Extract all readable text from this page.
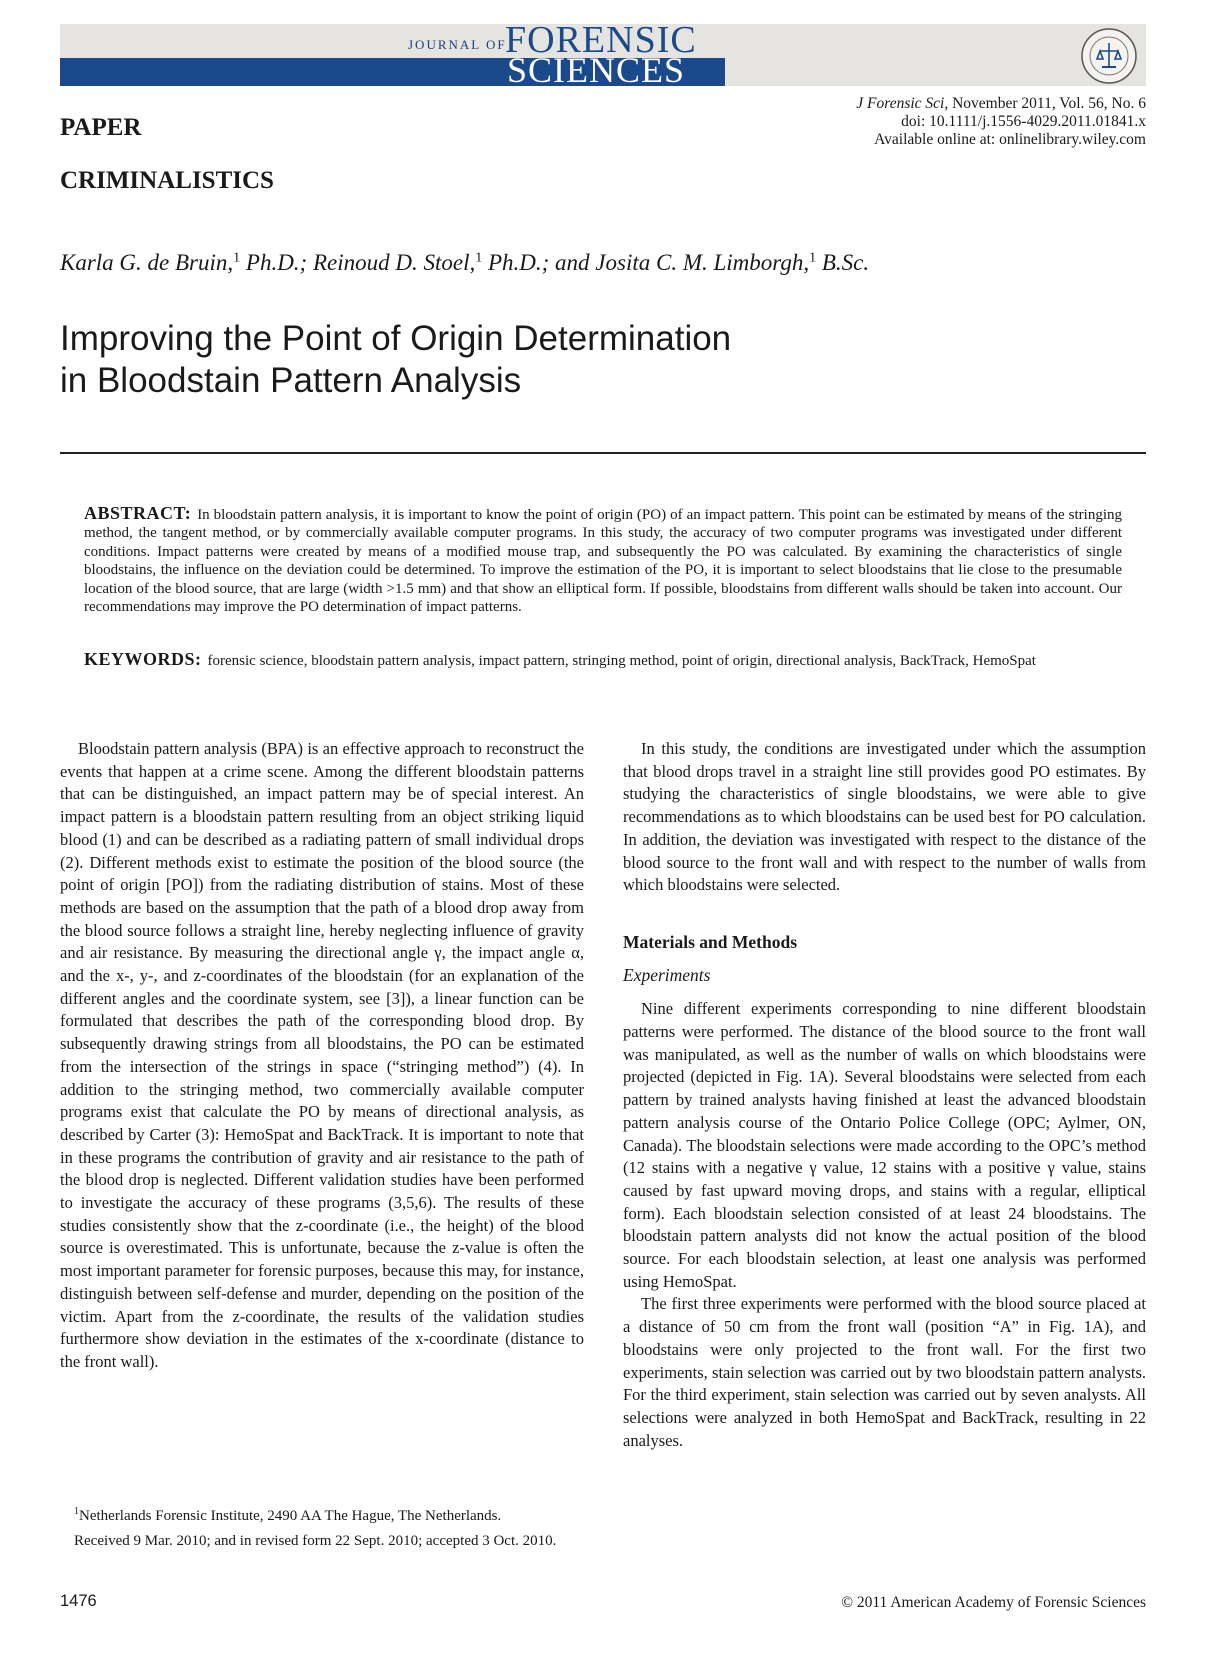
JOURNAL OF
FORENSIC
SCIENCES
PAPER
CRIMINALISTICS
J Forensic Sci, November 2011, Vol. 56, No. 6
doi: 10.1111/j.1556-4029.2011.01841.x
Available online at: onlinelibrary.wiley.com
Karla G. de Bruin,$^1$ Ph.D.; Reinoud D. Stoel,$^1$ Ph.D.; and Josita C. M. Limborgh,$^1$ B.Sc.
Improving the Point of Origin Determination
in Bloodstain Pattern Analysis
ABSTRACT: In bloodstain pattern analysis, it is important to know the point of origin (PO) of an impact pattern. This point can be estimated by means of the stringing method, the tangent method, or by commercially available computer programs. In this study, the accuracy of two computer programs was investigated under different conditions. Impact patterns were created by means of a modified mouse trap, and subsequently the PO was calculated. By examining the characteristics of single bloodstains, the influence on the deviation could be determined. To improve the estimation of the PO, it is important to select bloodstains that lie close to the presumable location of the blood source, that are large (width >1.5 mm) and that show an elliptical form. If possible, bloodstains from different walls should be taken into account. Our recommendations may improve the PO determination of impact patterns.
KEYWORDS: forensic science, bloodstain pattern analysis, impact pattern, stringing method, point of origin, directional analysis, BackTrack, HemoSpat

Bloodstain pattern analysis (BPA) is an effective approach to reconstruct the events that happen at a crime scene. Among the different bloodstain patterns that can be distinguished, an impact pattern may be of special interest. An impact pattern is a bloodstain pattern resulting from an object striking liquid blood (1) and can be described as a radiating pattern of small individual drops (2). Different methods exist to estimate the position of the blood source (the point of origin [PO]) from the radiating distribution of stains. Most of these methods are based on the assumption that the path of a blood drop away from the blood source follows a straight line, hereby neglecting influence of gravity and air resistance. By measuring the directional angle γ, the impact angle α, and the x-, y-, and z-coordinates of the bloodstain (for an explanation of the different angles and the coordinate system, see [3]), a linear function can be formulated that describes the path of the corresponding blood drop. By subsequently drawing strings from all bloodstains, the PO can be estimated from the intersection of the strings in space (“stringing method”) (4). In addition to the stringing method, two commercially available computer programs exist that calculate the PO by means of directional analysis, as described by Carter (3): HemoSpat and BackTrack. It is important to note that in these programs the contribution of gravity and air resistance to the path of the blood drop is neglected. Different validation studies have been performed to investigate the accuracy of these programs (3,5,6). The results of these studies consistently show that the z-coordinate (i.e., the height) of the blood source is overestimated. This is unfortunate, because the z-value is often the most important parameter for forensic purposes, because this may, for instance, distinguish between self-defense and murder, depending on the position of the victim. Apart from the z-coordinate, the results of the validation studies furthermore show deviation in the estimates of the x-coordinate (distance to the front wall).

In this study, the conditions are investigated under which the assumption that blood drops travel in a straight line still provides good PO estimates. By studying the characteristics of single bloodstains, we were able to give recommendations as to which bloodstains can be used best for PO calculation. In addition, the deviation was investigated with respect to the distance of the blood source to the front wall and with respect to the number of walls from which bloodstains were selected.

Materials and Methods
Experiments

Nine different experiments corresponding to nine different bloodstain patterns were performed. The distance of the blood source to the front wall was manipulated, as well as the number of walls on which bloodstains were projected (depicted in Fig. 1A). Several bloodstains were selected from each pattern by trained analysts having finished at least the advanced bloodstain pattern analysis course of the Ontario Police College (OPC; Aylmer, ON, Canada). The bloodstain selections were made according to the OPC’s method (12 stains with a negative γ value, 12 stains with a positive γ value, stains caused by fast upward moving drops, and stains with a regular, elliptical form). Each bloodstain selection consisted of at least 24 bloodstains. The bloodstain pattern analysts did not know the actual position of the blood source. For each bloodstain selection, at least one analysis was performed using HemoSpat.

The first three experiments were performed with the blood source placed at a distance of 50 cm from the front wall (position “A” in Fig. 1A), and bloodstains were only projected to the front wall. For the first two experiments, stain selection was carried out by two bloodstain pattern analysts. For the third experiment, stain selection was carried out by seven analysts. All selections were analyzed in both HemoSpat and BackTrack, resulting in 22 analyses.

$^1$Netherlands Forensic Institute, 2490 AA The Hague, The Netherlands.

Received 9 Mar. 2010; and in revised form 22 Sept. 2010; accepted 3 Oct. 2010.

1476	© 2011 American Academy of Forensic Sciences
